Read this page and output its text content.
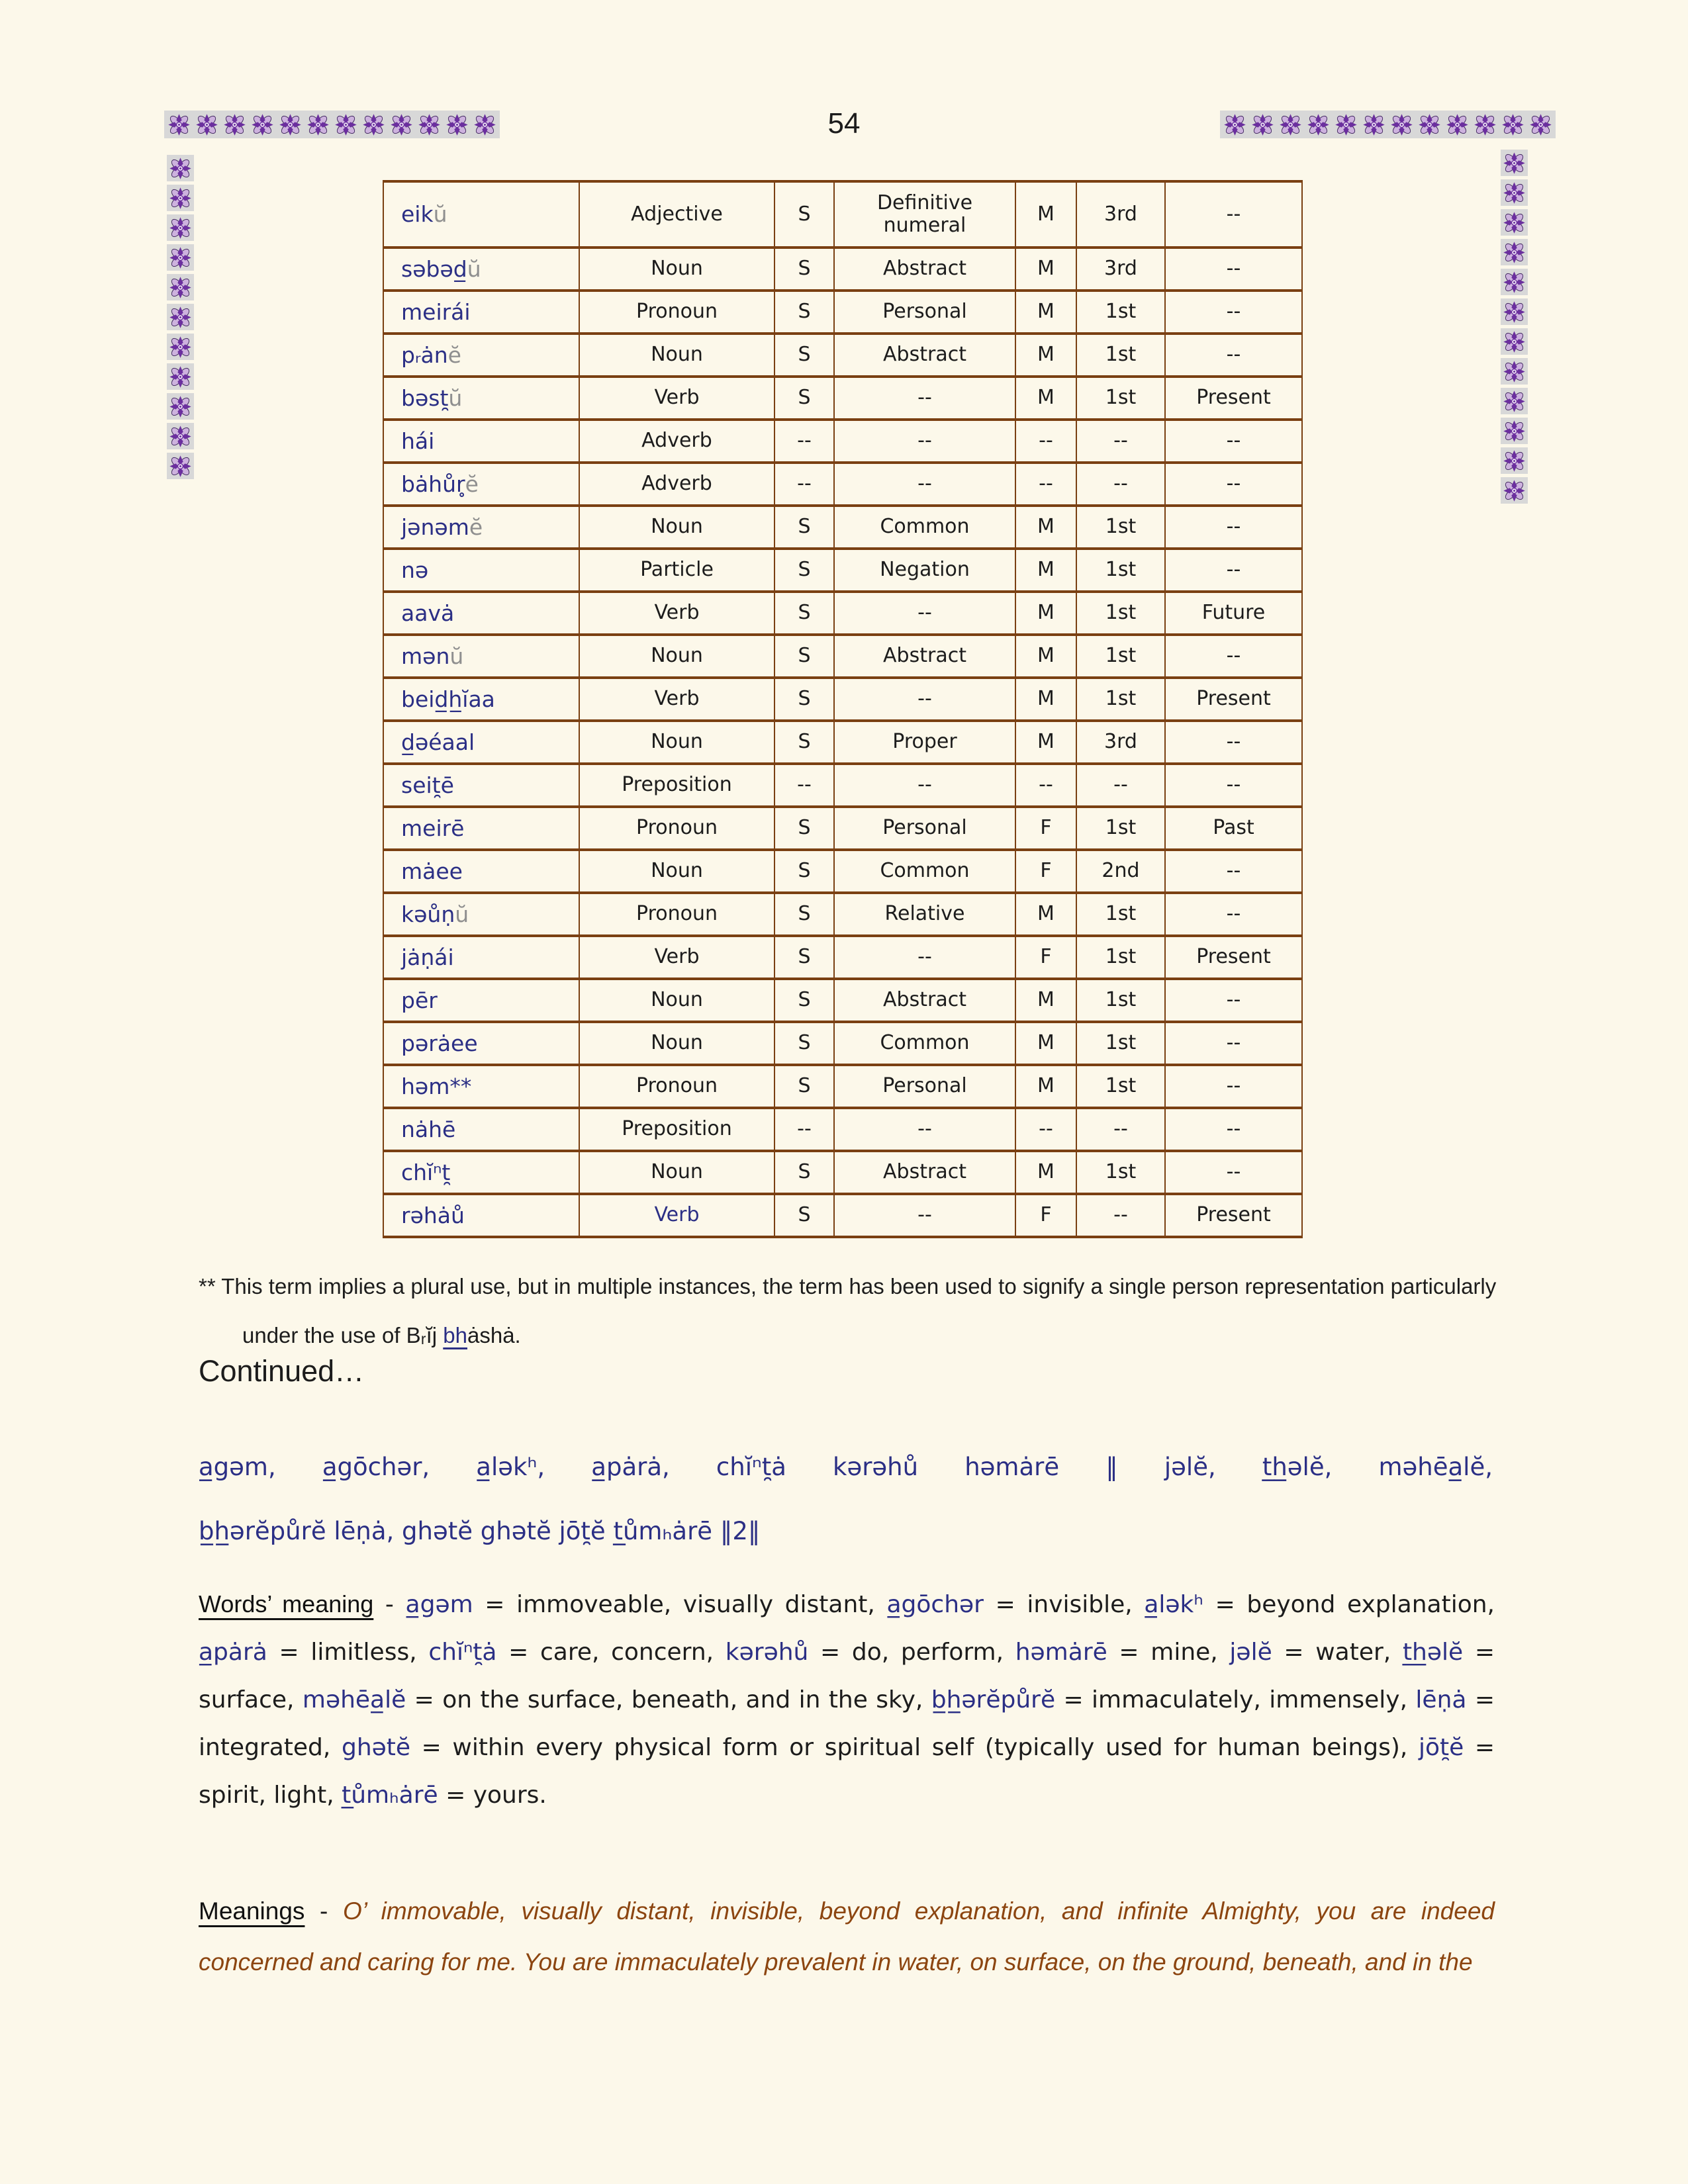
54
eikŭ	Adjective	S	Definitive numeral	M	3rd	--
səbəd̲ŭ	Noun	S	Abstract	M	3rd	--
meirái	Pronoun	S	Personal	M	1st	--
pᵣȧnĕ	Noun	S	Abstract	M	1st	--
bəst̯ŭ	Verb	S	--	M	1st	Present
hái	Adverb	--	--	--	--	--
bȧhůr̥ĕ	Adverb	--	--	--	--	--
jənəmĕ	Noun	S	Common	M	1st	--
nə	Particle	S	Negation	M	1st	--
aavȧ	Verb	S	--	M	1st	Future
mənŭ	Noun	S	Abstract	M	1st	--
beid̲h̲ĭaa	Verb	S	--	M	1st	Present
d̲əéaal	Noun	S	Proper	M	3rd	--
seit̯ē	Preposition	--	--	--	--	--
meirē	Pronoun	S	Personal	F	1st	Past
mȧee	Noun	S	Common	F	2nd	--
kəůṇŭ	Pronoun	S	Relative	M	1st	--
jȧṇái	Verb	S	--	F	1st	Present
pēr	Noun	S	Abstract	M	1st	--
pərȧee	Noun	S	Common	M	1st	--
həm**	Pronoun	S	Personal	M	1st	--
nȧhē	Preposition	--	--	--	--	--
chĭⁿt̯	Noun	S	Abstract	M	1st	--
rəhȧů	Verb	S	--	F	--	Present

** This term implies a plural use, but in multiple instances, the term has been used to signify a single person representation particularly under the use of Bᵣĭj bhȧshȧ.

Continued…
a̲gəm, a̲gōchər, a̲ləkʰ, a̲pȧrȧ, chĭⁿt̯ȧ kərəhů həmȧrē ‖ jəlĕ, t̲h̲əlĕ, məhēa̲lĕ,
b̲h̲ərĕpůrĕ lēṇȧ, ghətĕ ghətĕ jōt̯ĕ t̲ůmₕȧrē ‖2‖

Words’ meaning - a̲gəm = immoveable, visually distant, a̲gōchər = invisible, a̲ləkʰ = beyond explanation, a̲pȧrȧ = limitless, chĭⁿt̯ȧ = care, concern, kərəhů = do, perform, həmȧrē = mine, jəlĕ = water, t̲h̲əlĕ = surface, məhēa̲lĕ = on the surface, beneath, and in the sky, b̲h̲ərĕpůrĕ = immaculately, immensely, lēṇȧ = integrated, ghətĕ = within every physical form or spiritual self (typically used for human beings), jōt̯ĕ = spirit, light, t̲ůmₕȧrē = yours.

Meanings - O’ immovable, visually distant, invisible, beyond explanation, and infinite Almighty, you are indeed concerned and caring for me. You are immaculately prevalent in water, on surface, on the ground, beneath, and in the
